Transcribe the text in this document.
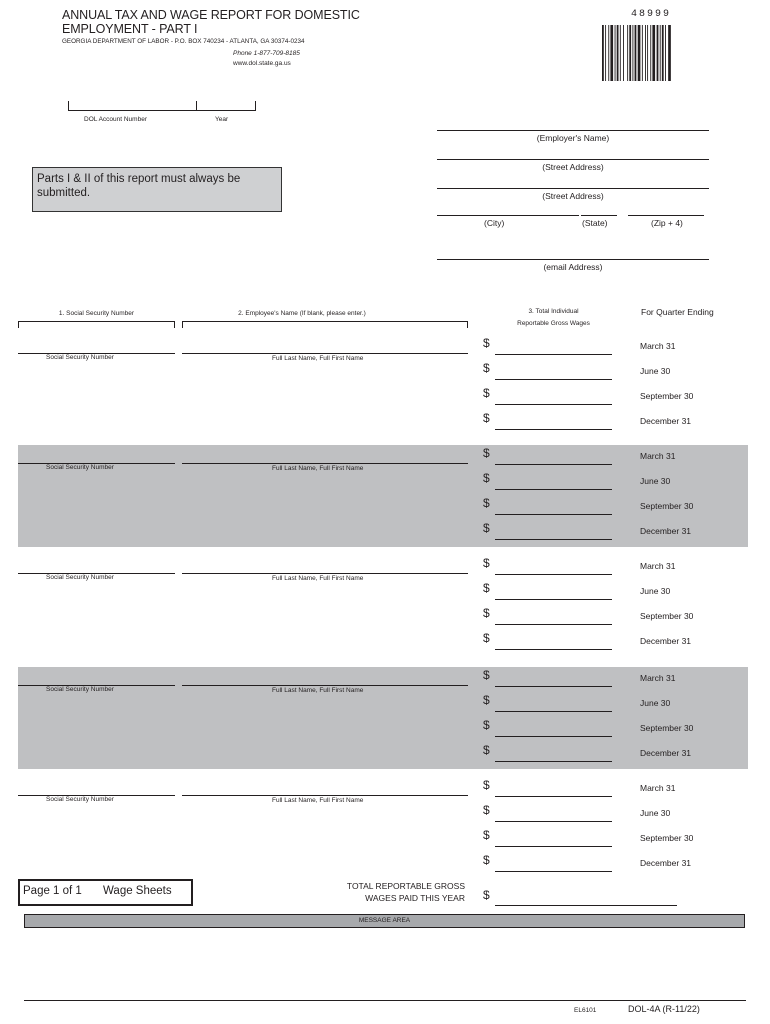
ANNUAL TAX AND WAGE REPORT FOR DOMESTIC EMPLOYMENT - PART I
GEORGIA DEPARTMENT OF LABOR - P.O. BOX 740234 - ATLANTA, GA 30374-0234
Phone 1-877-709-8185
www.dol.state.ga.us
48999
DOL Account Number	Year
Parts I & II of this report must always be submitted.
(Employer's Name)
(Street Address)
(Street Address)
(City)	(State)	(Zip + 4)
(email Address)
1. Social Security Number	2. Employee's Name (If blank, please enter.)	3. Total Individual
Reportable Gross Wages
For Quarter Ending
Social Security Number	Full Last Name, Full First Name
$	March 31
$	June 30
$	September 30
$	December 31
Social Security Number	Full Last Name, Full First Name
$	March 31
$	June 30
$	September 30
$	December 31
Social Security Number	Full Last Name, Full First Name
$	March 31
$	June 30
$	September 30
$	December 31
Social Security Number	Full Last Name, Full First Name
$	March 31
$	June 30
$	September 30
$	December 31
Social Security Number	Full Last Name, Full First Name
$	March 31
$	June 30
$	September 30
$	December 31
Page 1 of 1 Wage Sheets	TOTAL REPORTABLE GROSS
WAGES PAID THIS YEAR $
MESSAGE AREA
EL6101	DOL-4A (R-11/22)
